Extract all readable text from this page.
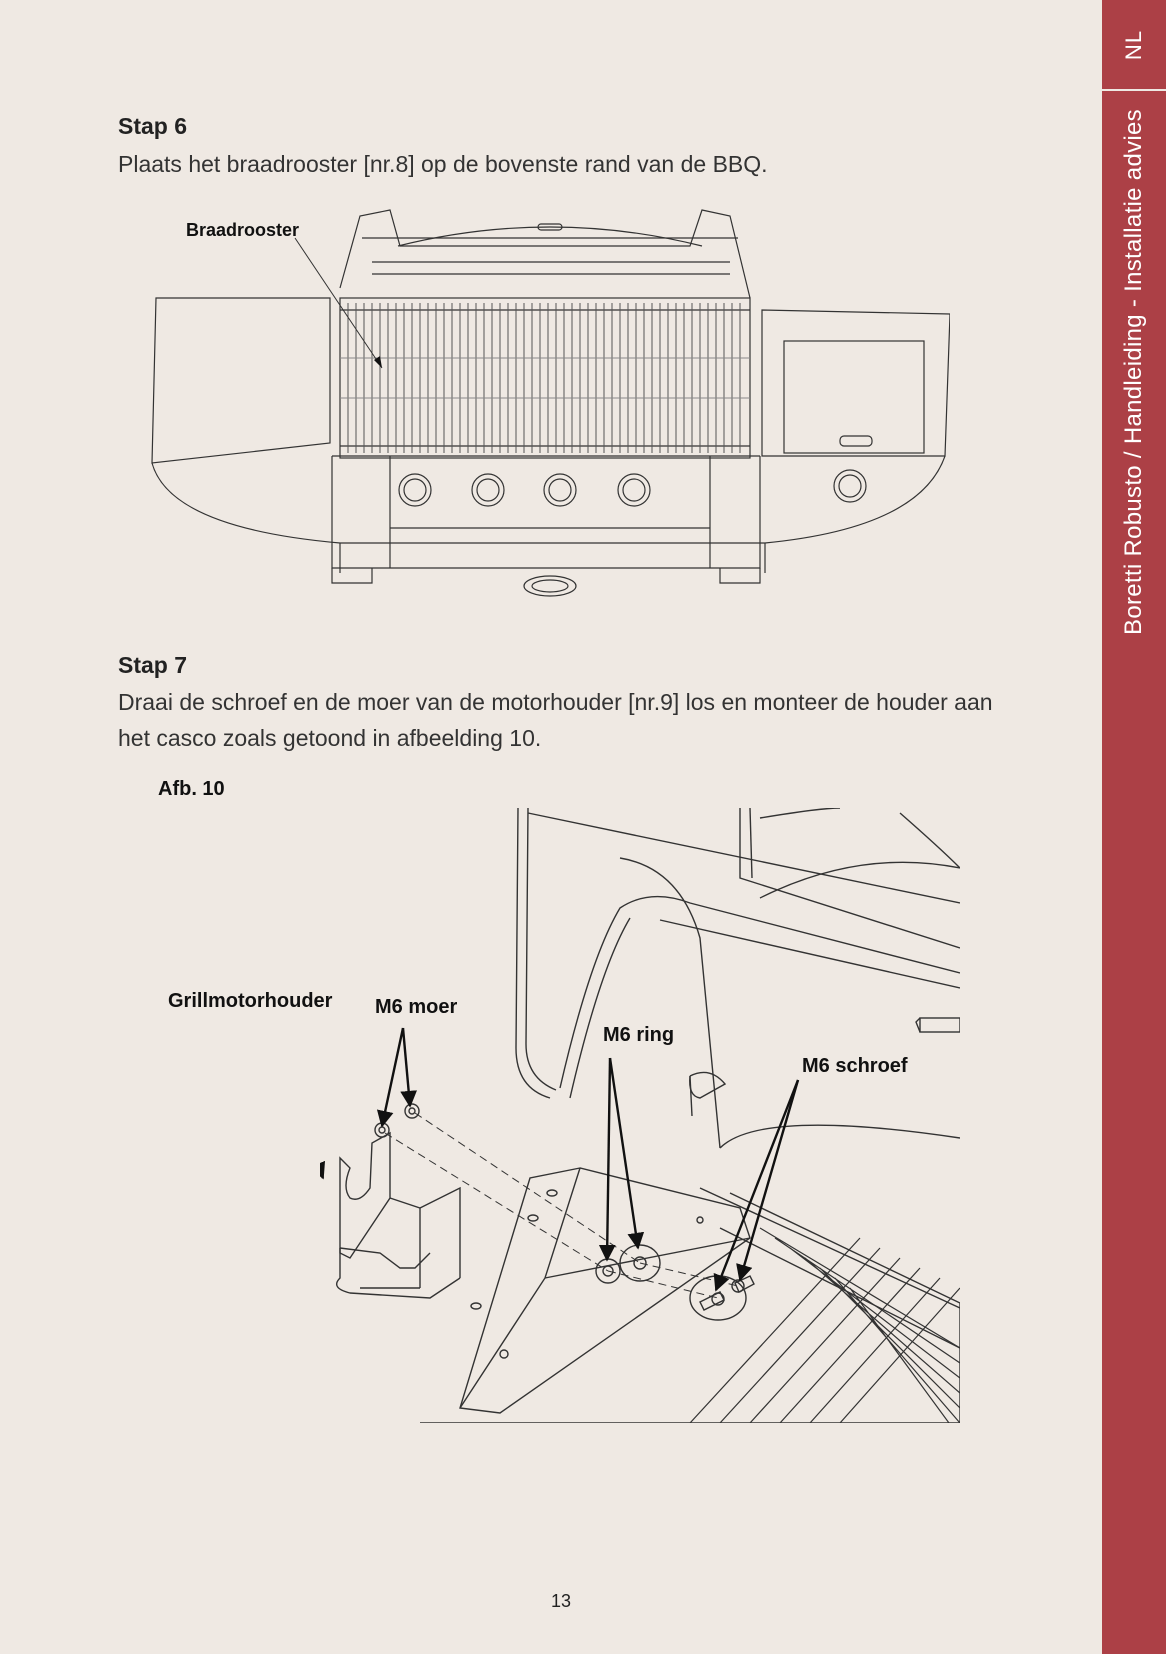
NL
Boretti Robusto / Handleiding - Installatie advies
Stap 6

Plaats het braadrooster [nr.8] op de bovenste rand van de BBQ.

Braadrooster
Stap 7

Draai de schroef en de moer van de motorhouder [nr.9] los en monteer de houder aan het casco zoals getoond in afbeelding 10.

Afb. 10
Grillmotorhouder M6 moer
M6 ring
M6 schroef
13
